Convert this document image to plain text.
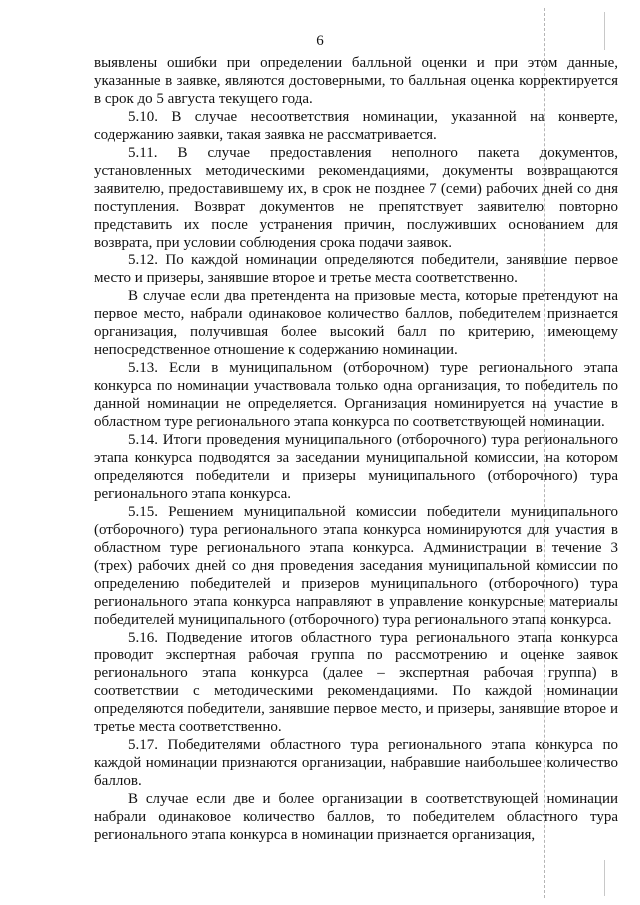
6

выявлены ошибки при определении балльной оценки и при этом данные, указанные в заявке, являются достоверными, то балльная оценка корректируется в срок до 5 августа текущего года.

5.10. В случае несоответствия номинации, указанной на конверте, содержанию заявки, такая заявка не рассматривается.

5.11. В случае предоставления неполного пакета документов, установленных методическими рекомендациями, документы возвращаются заявителю, предоставившему их, в срок не позднее 7 (семи) рабочих дней со дня поступления. Возврат документов не препятствует заявителю повторно представить их после устранения причин, послуживших основанием для возврата, при условии соблюдения срока подачи заявок.

5.12. По каждой номинации определяются победители, занявшие первое место и призеры, занявшие второе и третье места соответственно.

В случае если два претендента на призовые места, которые претендуют на первое место, набрали одинаковое количество баллов, победителем признается организация, получившая более высокий балл по критерию, имеющему непосредственное отношение к содержанию номинации.

5.13. Если в муниципальном (отборочном) туре регионального этапа конкурса по номинации участвовала только одна организация, то победитель по данной номинации не определяется. Организация номинируется на участие в областном туре регионального этапа конкурса по соответствующей номинации.

5.14. Итоги проведения муниципального (отборочного) тура регионального этапа конкурса подводятся за заседании муниципальной комиссии, на котором определяются победители и призеры муниципального (отборочного) тура регионального этапа конкурса.

5.15. Решением муниципальной комиссии победители муниципального (отборочного) тура регионального этапа конкурса номинируются для участия в областном туре регионального этапа конкурса. Администрации в течение 3 (трех) рабочих дней со дня проведения заседания муниципальной комиссии по определению победителей и призеров муниципального (отборочного) тура регионального этапа конкурса направляют в управление конкурсные материалы победителей муниципального (отборочного) тура регионального этапа конкурса.

5.16. Подведение итогов областного тура регионального этапа конкурса проводит экспертная рабочая группа по рассмотрению и оценке заявок регионального этапа конкурса (далее – экспертная рабочая группа) в соответствии с методическими рекомендациями. По каждой номинации определяются победители, занявшие первое место, и призеры, занявшие второе и третье места соответственно.

5.17. Победителями областного тура регионального этапа конкурса по каждой номинации признаются организации, набравшие наибольшее количество баллов.

В случае если две и более организации в соответствующей номинации набрали одинаковое количество баллов, то победителем областного тура регионального этапа конкурса в номинации признается организация,
